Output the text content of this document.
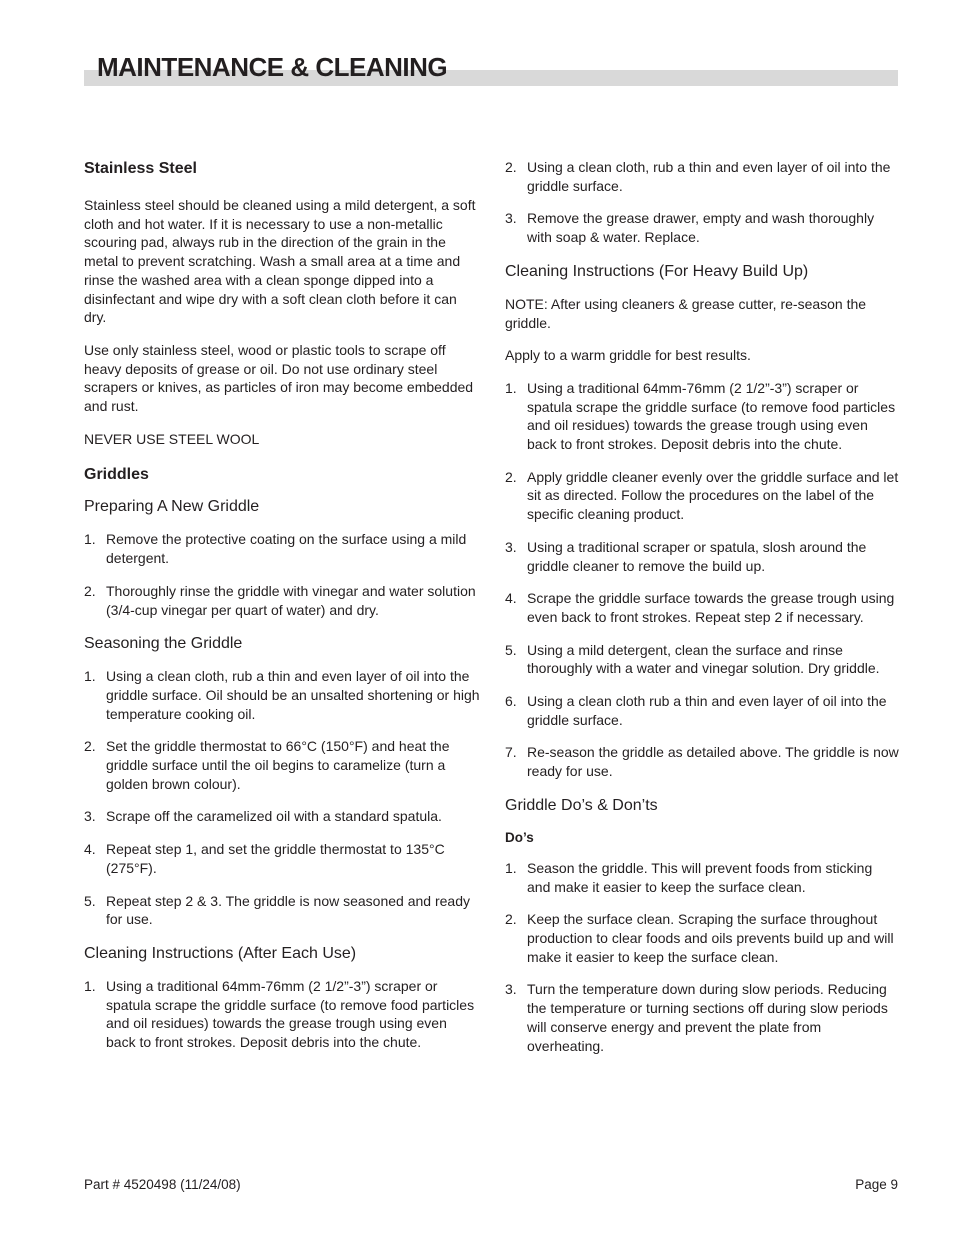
MAINTENANCE & CLEANING
Stainless Steel

Stainless steel should be cleaned using a mild detergent, a soft cloth and hot water. If it is necessary to use a non-metallic scouring pad, always rub in the direction of the grain in the metal to prevent scratching. Wash a small area at a time and rinse the washed area with a clean sponge dipped into a disinfectant and wipe dry with a soft clean cloth before it can dry.

Use only stainless steel, wood or plastic tools to scrape off heavy deposits of grease or oil. Do not use ordinary steel scrapers or knives, as particles of iron may become embedded and rust.

NEVER USE STEEL WOOL

Griddles
Preparing A New Griddle
1. Remove the protective coating on the surface using a mild detergent.
2. Thoroughly rinse the griddle with vinegar and water solution (3/4-cup vinegar per quart of water) and dry.
Seasoning the Griddle
1. Using a clean cloth, rub a thin and even layer of oil into the griddle surface. Oil should be an unsalted shortening or high temperature cooking oil.
2. Set the griddle thermostat to 66°C (150°F) and heat the griddle surface until the oil begins to caramelize (turn a golden brown colour).
3. Scrape off the caramelized oil with a standard spatula.
4. Repeat step 1, and set the griddle thermostat to 135°C (275°F).
5. Repeat step 2 & 3. The griddle is now seasoned and ready for use.
Cleaning Instructions (After Each Use)
1. Using a traditional 64mm-76mm (2 1/2”-3”) scraper or spatula scrape the griddle surface (to remove food particles and oil residues) towards the grease trough using even back to front strokes. Deposit debris into the chute.
2. Using a clean cloth, rub a thin and even layer of oil into the griddle surface.
3. Remove the grease drawer, empty and wash thoroughly with soap & water. Replace.
Cleaning Instructions (For Heavy Build Up)

NOTE: After using cleaners & grease cutter, re-season the griddle.

Apply to a warm griddle for best results.

1. Using a traditional 64mm-76mm (2 1/2”-3”) scraper or spatula scrape the griddle surface (to remove food particles and oil residues) towards the grease trough using even back to front strokes. Deposit debris into the chute.
2. Apply griddle cleaner evenly over the griddle surface and let sit as directed. Follow the procedures on the label of the specific cleaning product.
3. Using a traditional scraper or spatula, slosh around the griddle cleaner to remove the build up.
4. Scrape the griddle surface towards the grease trough using even back to front strokes. Repeat step 2 if necessary.
5. Using a mild detergent, clean the surface and rinse thoroughly with a water and vinegar solution. Dry griddle.
6. Using a clean cloth rub a thin and even layer of oil into the griddle surface.
7. Re-season the griddle as detailed above. The griddle is now ready for use.
Griddle Do’s & Don’ts
Do’s
1. Season the griddle. This will prevent foods from sticking and make it easier to keep the surface clean.
2. Keep the surface clean. Scraping the surface throughout production to clear foods and oils prevents build up and will make it easier to keep the surface clean.
3. Turn the temperature down during slow periods. Reducing the temperature or turning sections off during slow periods will conserve energy and prevent the plate from overheating.
Part # 4520498 (11/24/08)	Page 9
